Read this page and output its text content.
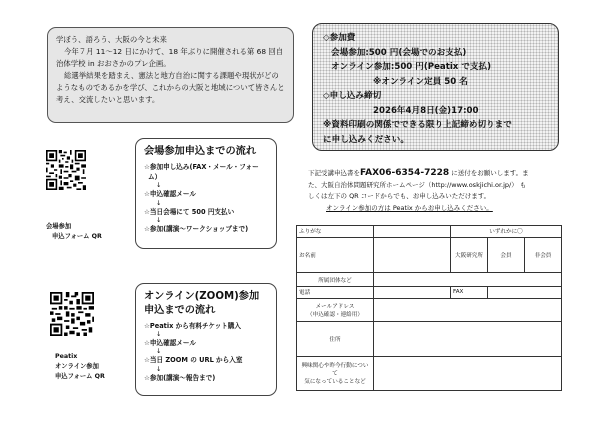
学ぼう、語ろう、大阪の今と未来

今年７月 11～12 日にかけて、18 年ぶりに開催される第 68 回自治体学校 in おおさかのプレ企画。

総選挙結果を踏まえ、憲法と地方自治に関する課題や現状がどのようなものであるかを学び、これからの大阪と地域について皆さんと考え、交流したいと思います。

◇参加費
会場参加:500 円(会場でのお支払)
オンライン参加:500 円(Peatix で支払)
※オンライン定員 50 名
◇申し込み締切
2026年4月8日(金)17:00
※資料印刷の関係でできる限り上記締め切りまで
に申し込みください。
会場参加
申込フォーム QR
Peatix
オンライン参加
申込フォーム QR
会場参加申込までの流れ
☆参加申し込み(FAX・メール・フォー
ム）
↓
☆申込確認メール
↓
☆当日会場にて 500 円支払い
↓
☆参加(講演～ワークショップまで)
オンライン(ZOOM)参加
申込までの流れ
☆Peatix から有料チケット購入
↓
☆申込確認メール
↓
☆当日 ZOOM の URL から入室
↓
☆参加(講演～報告まで)
下記受講申込書をFAX06-6354-7228 に送付をお願いします。ま
た、大阪自治体問題研究所ホームページ（http://www.oskjichi.or.jp/） も
しくは左下の QR コードからでも、お申し込みいただけます。
オンライン参加の方は Peatix からお申し込みください。
ふりがな		いずれかに〇		
お名前		大阪研究所	会員	非会員
所属団体など				
電話		FAX		

メールアドレス
（申込確認・連絡用）				

住所				

興味関心や昨今行動について
気になっていることなど				
